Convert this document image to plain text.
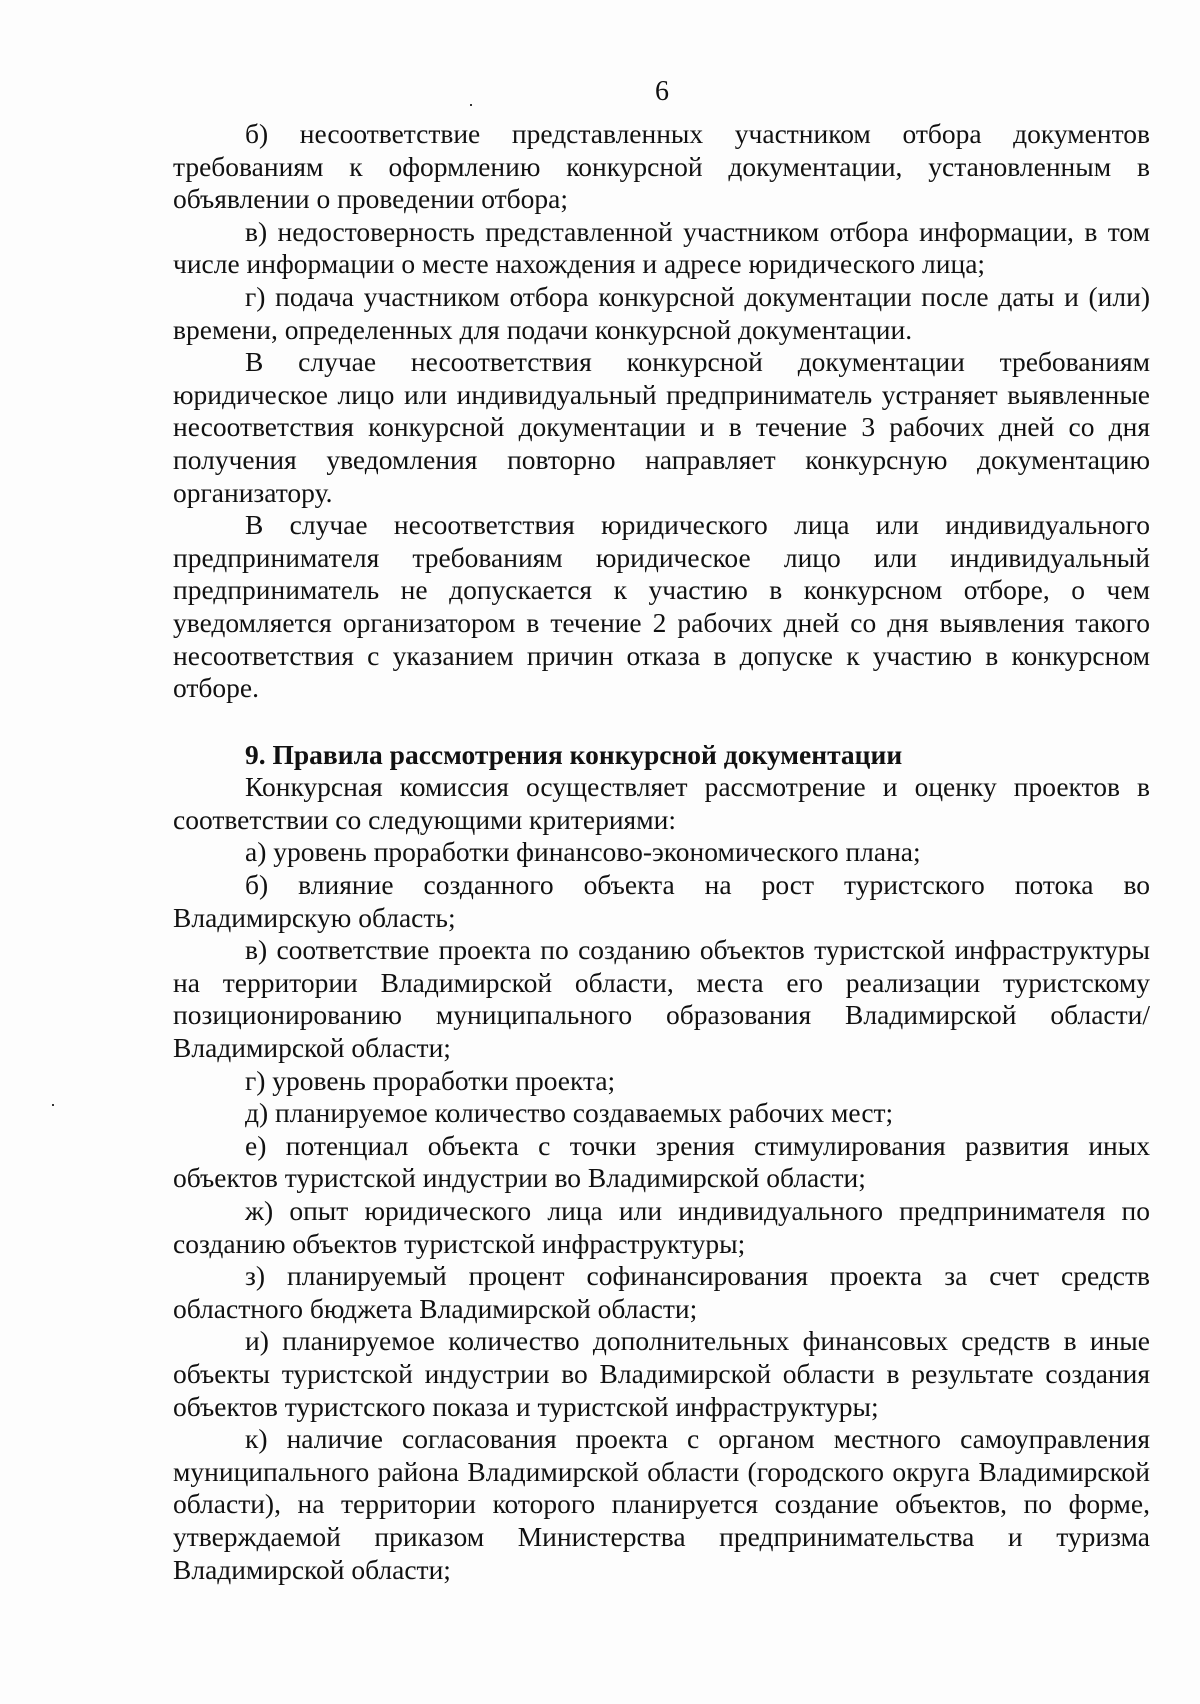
6

б) несоответствие представленных участником отбора документов требованиям к оформлению конкурсной документации, установленным в объявлении о проведении отбора;

в) недостоверность представленной участником отбора информации, в том числе информации о месте нахождения и адресе юридического лица;

г) подача участником отбора конкурсной документации после даты и (или) времени, определенных для подачи конкурсной документации.

В случае несоответствия конкурсной документации требованиям юридическое лицо или индивидуальный предприниматель устраняет выявленные несоответствия конкурсной документации и в течение 3 рабочих дней со дня получения уведомления повторно направляет конкурсную документацию организатору.

В случае несоответствия юридического лица или индивидуального предпринимателя требованиям юридическое лицо или индивидуальный предприниматель не допускается к участию в конкурсном отборе, о чем уведомляется организатором в течение 2 рабочих дней со дня выявления такого несоответствия с указанием причин отказа в допуске к участию в конкурсном отборе.

9. Правила рассмотрения конкурсной документации

Конкурсная комиссия осуществляет рассмотрение и оценку проектов в соответствии со следующими критериями:

а) уровень проработки финансово-экономического плана;

б) влияние созданного объекта на рост туристского потока во Владимирскую область;

в) соответствие проекта по созданию объектов туристской инфраструктуры на территории Владимирской области, места его реализации туристскому позиционированию муниципального образования Владимирской области/Владимирской области;

г) уровень проработки проекта;

д) планируемое количество создаваемых рабочих мест;

е) потенциал объекта с точки зрения стимулирования развития иных объектов туристской индустрии во Владимирской области;

ж) опыт юридического лица или индивидуального предпринимателя по созданию объектов туристской инфраструктуры;

з) планируемый процент софинансирования проекта за счет средств областного бюджета Владимирской области;

и) планируемое количество дополнительных финансовых средств в иные объекты туристской индустрии во Владимирской области в результате создания объектов туристского показа и туристской инфраструктуры;

к) наличие согласования проекта с органом местного самоуправления муниципального района Владимирской области (городского округа Владимирской области), на территории которого планируется создание объектов, по форме, утверждаемой приказом Министерства предпринимательства и туризма Владимирской области;
